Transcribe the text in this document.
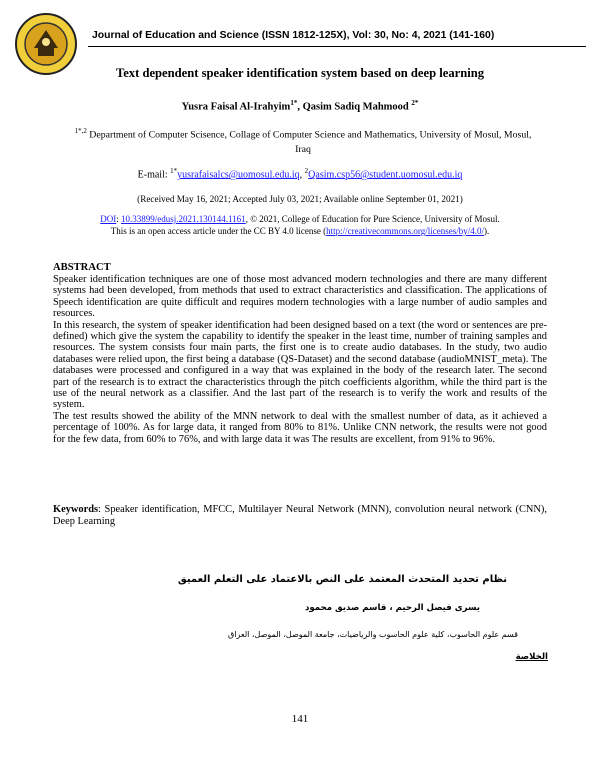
Journal of Education and Science (ISSN 1812-125X), Vol: 30, No: 4, 2021 (141-160)
Text dependent speaker identification system based on deep learning
Yusra Faisal Al-Irahyim$^{1*}$, Qasim Sadiq Mahmood $^{2*}$
$^{1*,2}$ Department of Computer Scisence, Collage of Computer Science and Mathematics, University of Mosul, Mosul, Iraq
E-mail: $^{1*}$yusrafaisalcs@uomosul.edu.iq, $^2$Qasim.csp56@student.uomosul.edu.iq
(Received May 16, 2021; Accepted July 03, 2021; Available online September 01, 2021)
DOI: 10.33899/edusj.2021.130144.1161, © 2021, College of Education for Pure Science, University of Mosul.
This is an open access article under the CC BY 4.0 license (http://creativecommons.org/licenses/by/4.0/).
ABSTRACT

Speaker identification techniques are one of those most advanced modern technologies and there are many different systems had been developed, from methods that used to extract characteristics and classification. The applications of Speech identification are quite difficult and requires modern technologies with a large number of audio samples and resources.

In this research, the system of speaker identification had been designed based on a text (the word or sentences are pre-defined) which give the system the capability to identify the speaker in the least time, number of training samples and resources. The system consists four main parts, the first one is to create audio databases. In the study, two audio databases were relied upon, the first being a database (QS-Dataset) and the second database (audioMNIST_meta). The databases were processed and configured in a way that was explained in the body of the research later. The second part of the research is to extract the characteristics through the pitch coefficients algorithm, while the third part is the use of the neural network as a classifier. And the last part of the research is to verify the work and results of the system.

The test results showed the ability of the MNN network to deal with the smallest number of data, as it achieved a percentage of 100%. As for large data, it ranged from 80% to 81%. Unlike CNN network, the results were not good for the few data, from 60% to 76%, and with large data it was The results are excellent, from 91% to 96%.

Keywords: Speaker identification, MFCC, Multilayer Neural Network (MNN), convolution neural network (CNN), Deep Learning
نظام تحديد المتحدث المعتمد على النص بالاعتماد على التعلم العميق
يسرى فيصل الرحيم ، قاسم صديق محمود
قسم علوم الحاسوب، كلية علوم الحاسوب والرياضيات، جامعة الموصل، الموصل، العراق
الخلاصة
141
